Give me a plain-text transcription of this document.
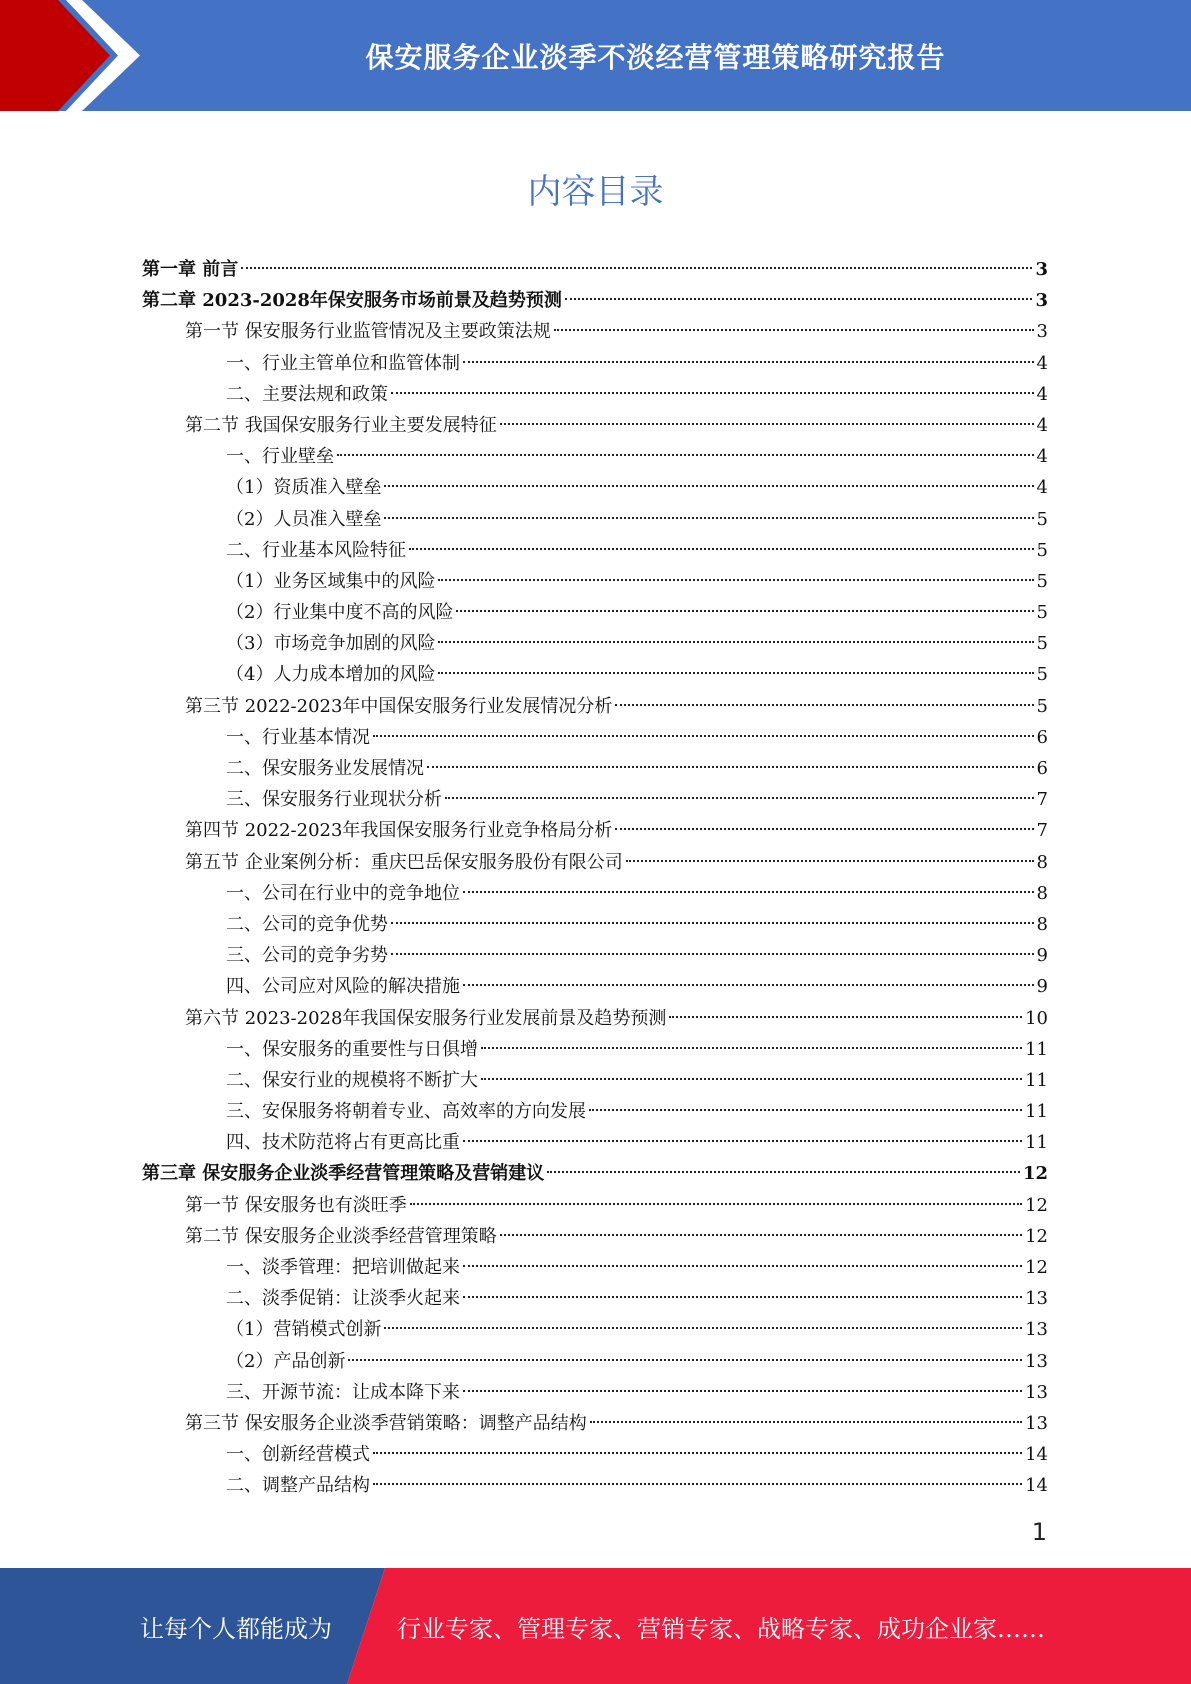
保安服务企业淡季不淡经营管理策略研究报告
内容目录
第一章 前言	3
第二章 2023-2028年保安服务市场前景及趋势预测	3
第一节 保安服务行业监管情况及主要政策法规	3
一、行业主管单位和监管体制	4
二、主要法规和政策	4
第二节 我国保安服务行业主要发展特征	4
一、行业壁垒	4
（1）资质准入壁垒	4
（2）人员准入壁垒	5
二、行业基本风险特征	5
（1）业务区域集中的风险	5
（2）行业集中度不高的风险	5
（3）市场竞争加剧的风险	5
（4）人力成本增加的风险	5
第三节 2022-2023年中国保安服务行业发展情况分析	5
一、行业基本情况	6
二、保安服务业发展情况	6
三、保安服务行业现状分析	7
第四节 2022-2023年我国保安服务行业竞争格局分析	7
第五节 企业案例分析：重庆巴岳保安服务股份有限公司	8
一、公司在行业中的竞争地位	8
二、公司的竞争优势	8
三、公司的竞争劣势	9
四、公司应对风险的解决措施	9
第六节 2023-2028年我国保安服务行业发展前景及趋势预测	10
一、保安服务的重要性与日俱增	11
二、保安行业的规模将不断扩大	11
三、安保服务将朝着专业、高效率的方向发展	11
四、技术防范将占有更高比重	11
第三章 保安服务企业淡季经营管理策略及营销建议	12
第一节 保安服务也有淡旺季	12
第二节 保安服务企业淡季经营管理策略	12
一、淡季管理：把培训做起来	12
二、淡季促销：让淡季火起来	13
（1）营销模式创新	13
（2）产品创新	13
三、开源节流：让成本降下来	13
第三节 保安服务企业淡季营销策略：调整产品结构	13
一、创新经营模式	14
二、调整产品结构	14
1
让每个人都能成为	行业专家、管理专家、营销专家、战略专家、成功企业家……
